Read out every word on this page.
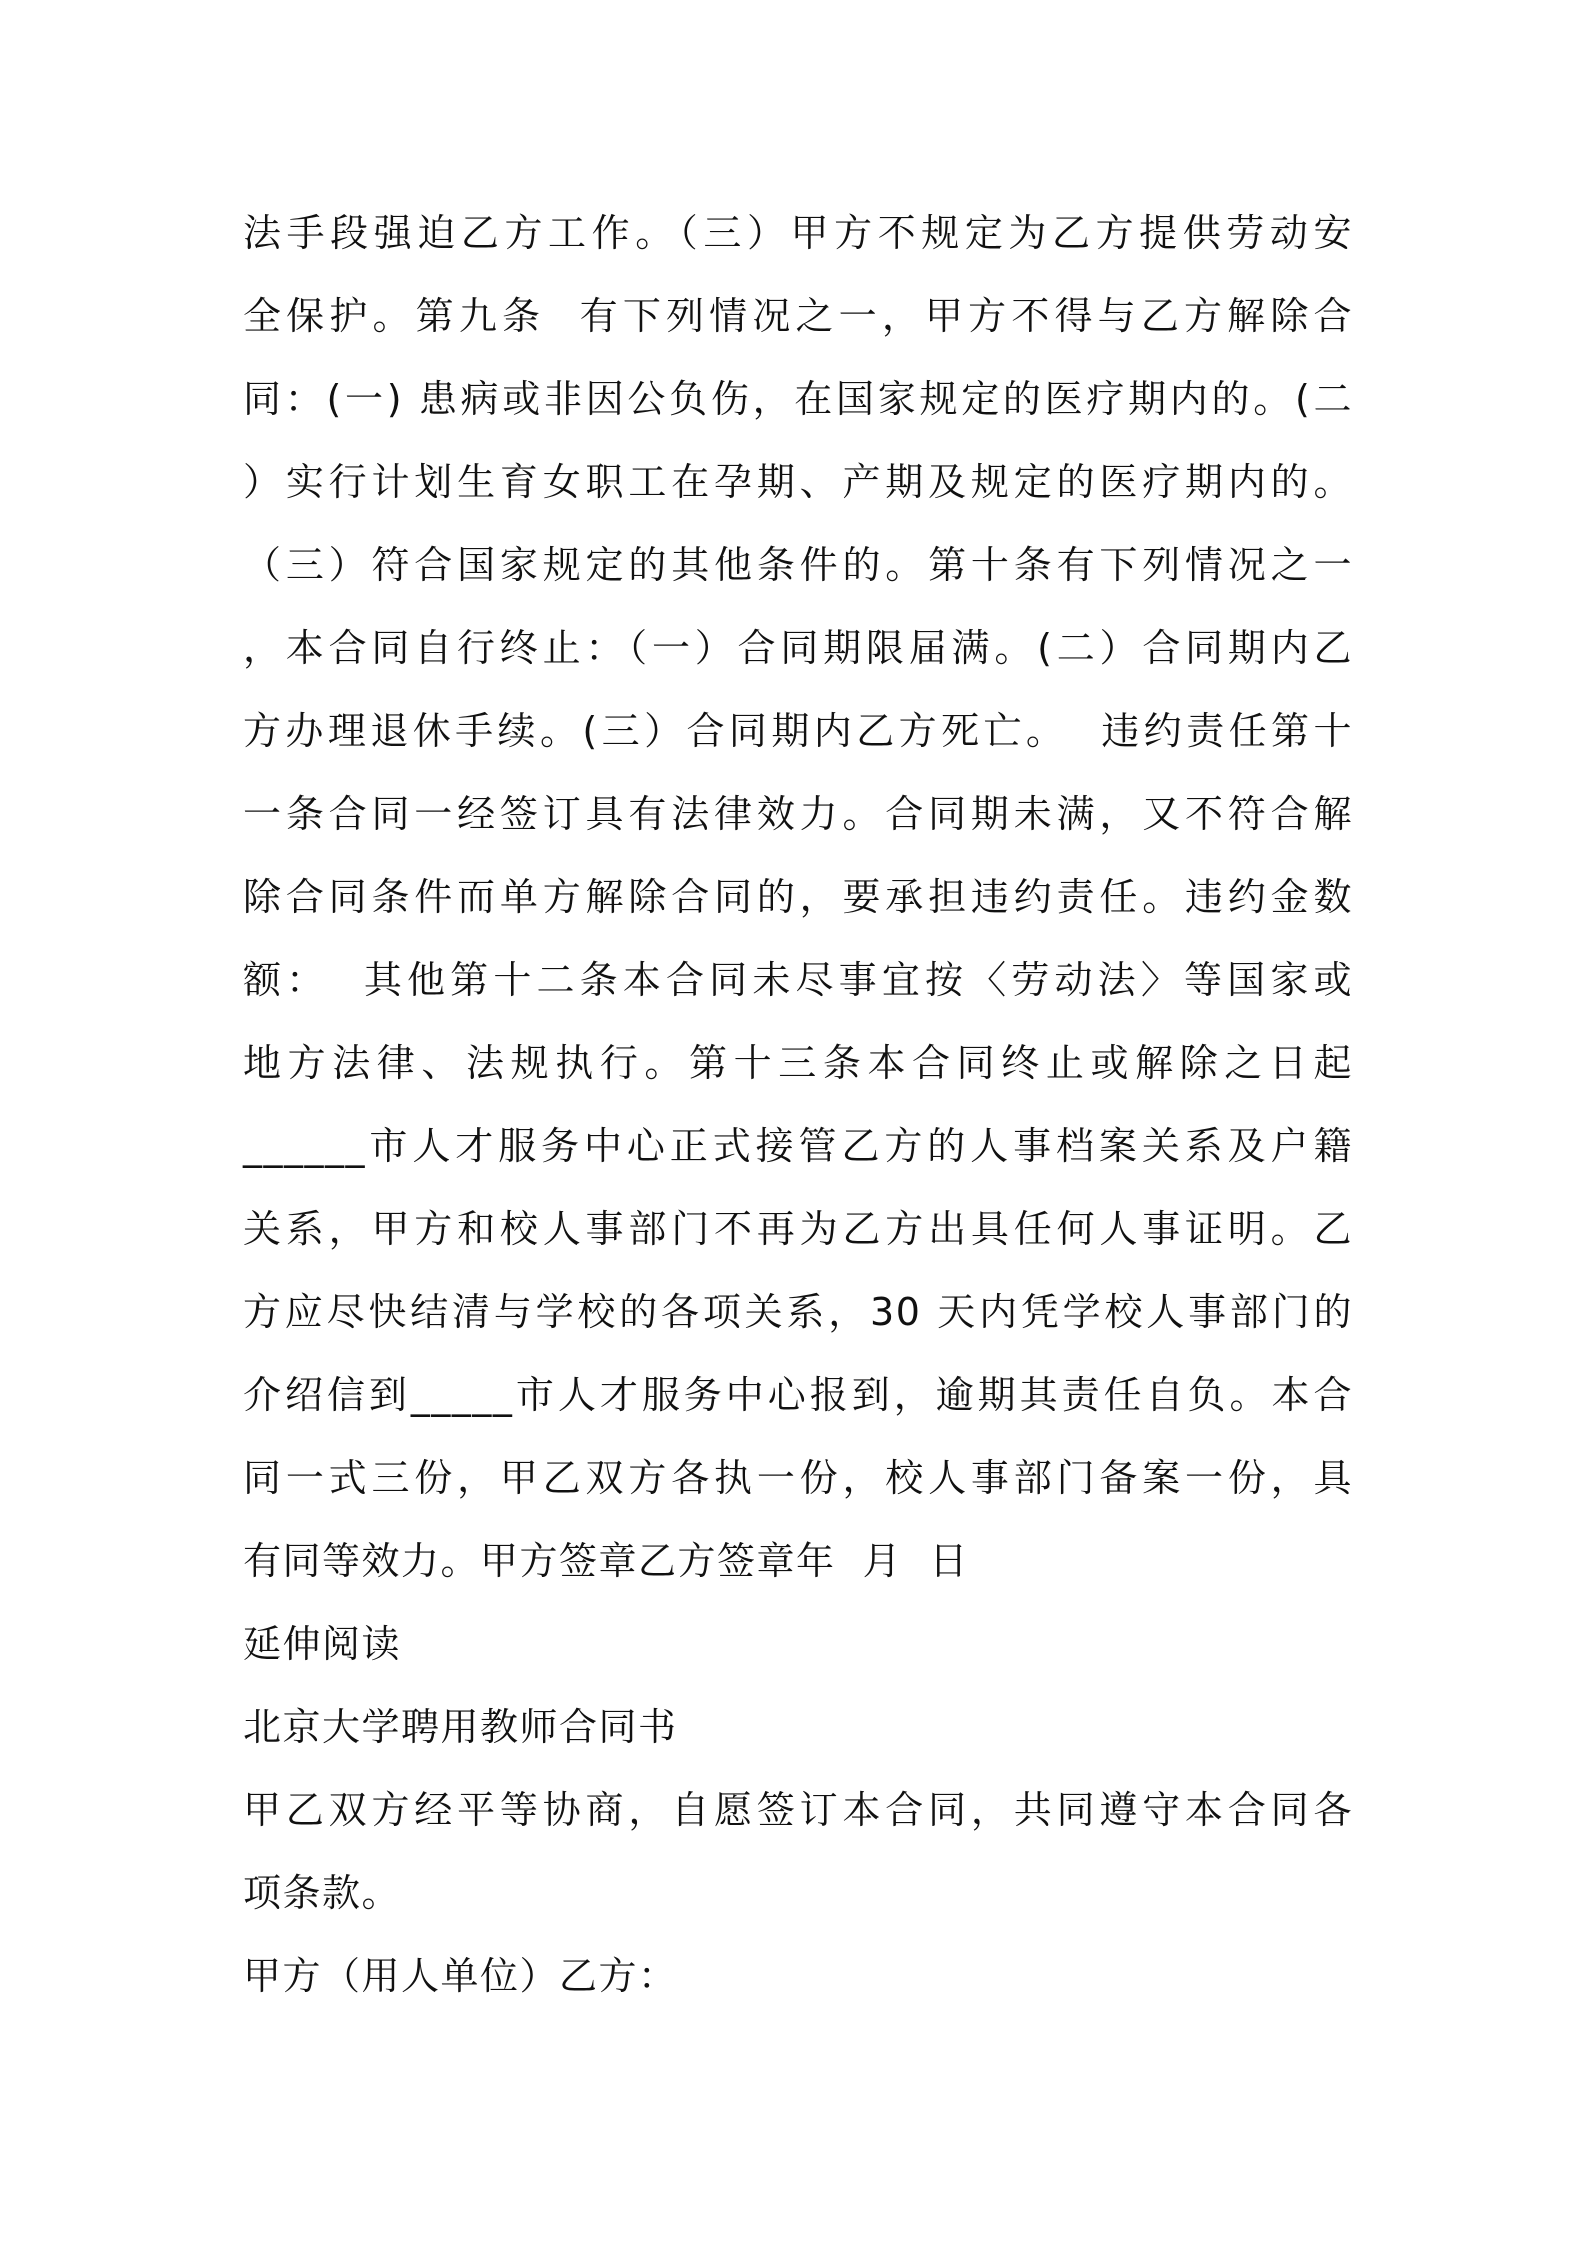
法手段强迫乙方工作。（三）甲方不规定为乙方提供劳动安
全保护。第九条  有下列情况之一，甲方不得与乙方解除合
同：(一) 患病或非因公负伤，在国家规定的医疗期内的。(二
）实行计划生育女职工在孕期、产期及规定的医疗期内的。
（三）符合国家规定的其他条件的。第十条有下列情况之一
，本合同自行终止：（一）合同期限届满。(二）合同期内乙
方办理退休手续。(三）合同期内乙方死亡。  违约责任第十
一条合同一经签订具有法律效力。合同期未满，又不符合解
除合同条件而单方解除合同的，要承担违约责任。违约金数
额：  其他第十二条本合同未尽事宜按〈劳动法〉等国家或
地方法律、法规执行。第十三条本合同终止或解除之日起
______市人才服务中心正式接管乙方的人事档案关系及户籍
关系，甲方和校人事部门不再为乙方出具任何人事证明。乙
方应尽快结清与学校的各项关系，30 天内凭学校人事部门的
介绍信到_____市人才服务中心报到，逾期其责任自负。本合
同一式三份，甲乙双方各执一份，校人事部门备案一份，具
有同等效力。甲方签章乙方签章年  月  日
延伸阅读
北京大学聘用教师合同书
甲乙双方经平等协商，自愿签订本合同，共同遵守本合同各
项条款。
甲方（用人单位）乙方：
